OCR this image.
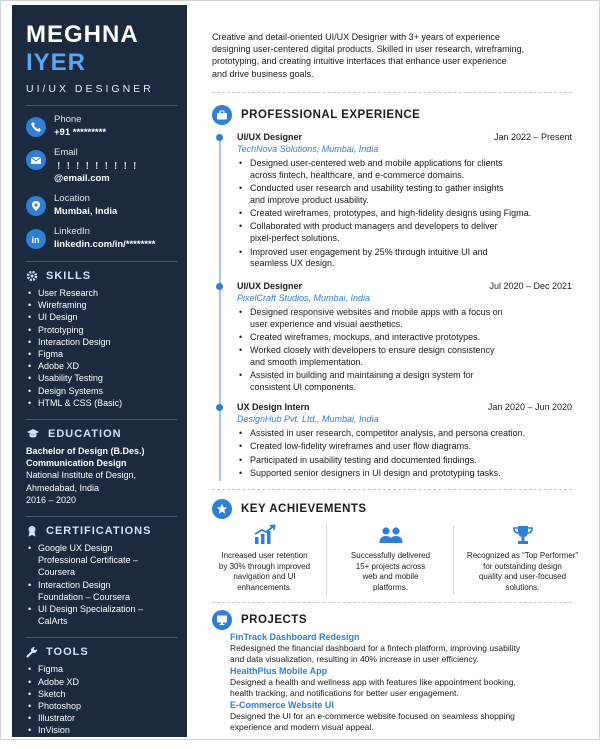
MEGHNA
IYER
UI/UX DESIGNER
Phone
+91 *********
Email
﹗﹗﹗﹗﹗﹗﹗﹗﹗@email.com
Location
Mumbai, India
in
LinkedIn
linkedin.com/in/********
SKILLS
• User Research
• Wireframing
• UI Design
• Prototyping
• Interaction Design
• Figma
• Adobe XD
• Usability Testing
• Design Systems
• HTML & CSS (Basic)
EDUCATION
Bachelor of Design (B.Des.)
Communication Design
National Institute of Design,
Ahmedabad, India
2016 – 2020
CERTIFICATIONS
• Google UX Design
Professional Certificate –
Coursera
• Interaction Design
Foundation – Coursera
• UI Design Specialization –
CalArts
TOOLS
• Figma
• Adobe XD
• Sketch
• Photoshop
• Illustrator
• InVision
• Miro
Creative and detail-oriented UI/UX Designer with 3+ years of experience
designing user-centered digital products. Skilled in user research, wireframing,
prototyping, and creating intuitive interfaces that enhance user experience
and drive business goals.
PROFESSIONAL EXPERIENCE
UI/UX Designer	Jan 2022 – Present
TechNova Solutions, Mumbai, India
• Designed user-centered web and mobile applications for clients
across fintech, healthcare, and e-commerce domains.
• Conducted user research and usability testing to gather insights
and improve product usability.
• Created wireframes, prototypes, and high-fidelity designs using Figma.
• Collaborated with product managers and developers to deliver
pixel-perfect solutions.
• Improved user engagement by 25% through intuitive UI and
seamless UX design.
UI/UX Designer	Jul 2020 – Dec 2021
PixelCraft Studios, Mumbai, India
• Designed responsive websites and mobile apps with a focus on
user experience and visual aesthetics.
• Created wireframes, mockups, and interactive prototypes.
• Worked closely with developers to ensure design consistency
and smooth implementation.
• Assisted in building and maintaining a design system for
consistent UI components.
UX Design Intern	Jan 2020 – Jun 2020
DesignHub Pvt. Ltd., Mumbai, India
• Assisted in user research, competitor analysis, and persona creation.
• Created low-fidelity wireframes and user flow diagrams.
• Participated in usability testing and documented findings.
• Supported senior designers in UI design and prototyping tasks.
KEY ACHIEVEMENTS
Increased user retention
by 30% through improved
navigation and UI
enhancements.
Successfully delivered
15+ projects across
web and mobile
platforms.
Recognized as “Top Performer”
for outstanding design
quality and user-focused
solutions.
PROJECTS
FinTrack Dashboard Redesign
Redesigned the financial dashboard for a fintech platform, improving usability
and data visualization, resulting in 40% increase in user efficiency.
HealthPlus Mobile App
Designed a health and wellness app with features like appointment booking,
health tracking, and notifications for better user engagement.
E-Commerce Website UI
Designed the UI for an e-commerce website focused on seamless shopping
experience and modern visual appeal.
